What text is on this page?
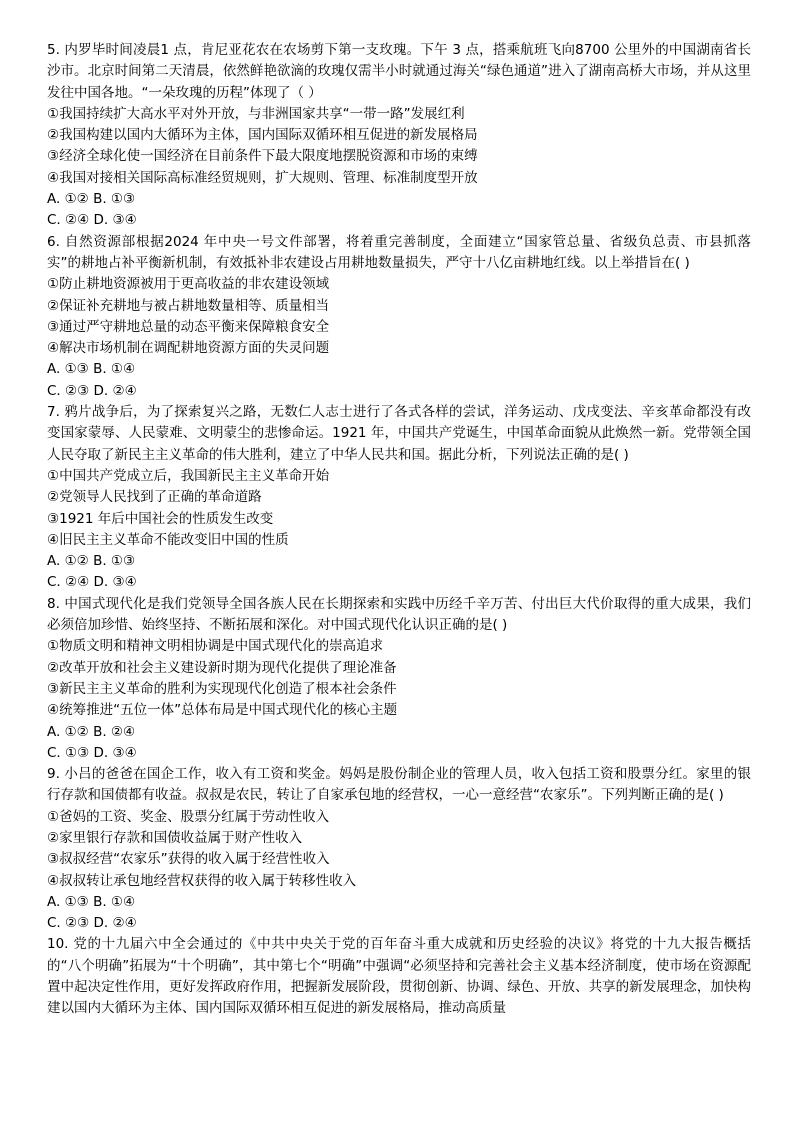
5. 内罗毕时间凌晨1 点，肯尼亚花农在农场剪下第一支玫瑰。下午 3 点，搭乘航班飞向8700 公里外的中国湖南省长沙市。北京时间第二天清晨，依然鲜艳欲滴的玫瑰仅需半小时就通过海关“绿色通道”进入了湖南高桥大市场，并从这里发往中国各地。“一朵玫瑰的历程”体现了（ ）

①我国持续扩大高水平对外开放，与非洲国家共享“一带一路”发展红利

②我国构建以国内大循环为主体，国内国际双循环相互促进的新发展格局

③经济全球化使一国经济在目前条件下最大限度地摆脱资源和市场的束缚

④我国对接相关国际高标准经贸规则，扩大规则、管理、标准制度型开放

A. ①② B. ①③

C. ②④ D. ③④

6. 自然资源部根据2024 年中央一号文件部署，将着重完善制度，全面建立“国家管总量、省级负总责、市县抓落实”的耕地占补平衡新机制，有效抵补非农建设占用耕地数量损失，严守十八亿亩耕地红线。以上举措旨在( )

①防止耕地资源被用于更高收益的非农建设领域

②保证补充耕地与被占耕地数量相等、质量相当

③通过严守耕地总量的动态平衡来保障粮食安全

④解决市场机制在调配耕地资源方面的失灵问题

A. ①③ B. ①④

C. ②③ D. ②④

7. 鸦片战争后，为了探索复兴之路，无数仁人志士进行了各式各样的尝试，洋务运动、戊戌变法、辛亥革命都没有改变国家蒙辱、人民蒙难、文明蒙尘的悲惨命运。1921 年，中国共产党诞生，中国革命面貌从此焕然一新。党带领全国人民夺取了新民主主义革命的伟大胜利，建立了中华人民共和国。据此分析，下列说法正确的是( )

①中国共产党成立后，我国新民主主义革命开始

②党领导人民找到了正确的革命道路

③1921 年后中国社会的性质发生改变

④旧民主主义革命不能改变旧中国的性质

A. ①② B. ①③

C. ②④ D. ③④

8. 中国式现代化是我们党领导全国各族人民在长期探索和实践中历经千辛万苦、付出巨大代价取得的重大成果，我们必须倍加珍惜、始终坚持、不断拓展和深化。对中国式现代化认识正确的是( )

①物质文明和精神文明相协调是中国式现代化的崇高追求

②改革开放和社会主义建设新时期为现代化提供了理论准备

③新民主主义革命的胜利为实现现代化创造了根本社会条件

④统筹推进“五位一体”总体布局是中国式现代化的核心主题

A. ①② B. ②④

C. ①③ D. ③④

9. 小吕的爸爸在国企工作，收入有工资和奖金。妈妈是股份制企业的管理人员，收入包括工资和股票分红。家里的银行存款和国债都有收益。叔叔是农民，转让了自家承包地的经营权，一心一意经营“农家乐”。下列判断正确的是( )

①爸妈的工资、奖金、股票分红属于劳动性收入

②家里银行存款和国债收益属于财产性收入

③叔叔经营“农家乐”获得的收入属于经营性收入

④叔叔转让承包地经营权获得的收入属于转移性收入

A. ①③ B. ①④

C. ②③ D. ②④

10. 党的十九届六中全会通过的《中共中央关于党的百年奋斗重大成就和历史经验的决议》将党的十九大报告概括的“八个明确”拓展为“十个明确”，其中第七个“明确”中强调“必须坚持和完善社会主义基本经济制度，使市场在资源配置中起决定性作用，更好发挥政府作用，把握新发展阶段，贯彻创新、协调、绿色、开放、共享的新发展理念，加快构建以国内大循环为主体、国内国际双循环相互促进的新发展格局，推动高质量
